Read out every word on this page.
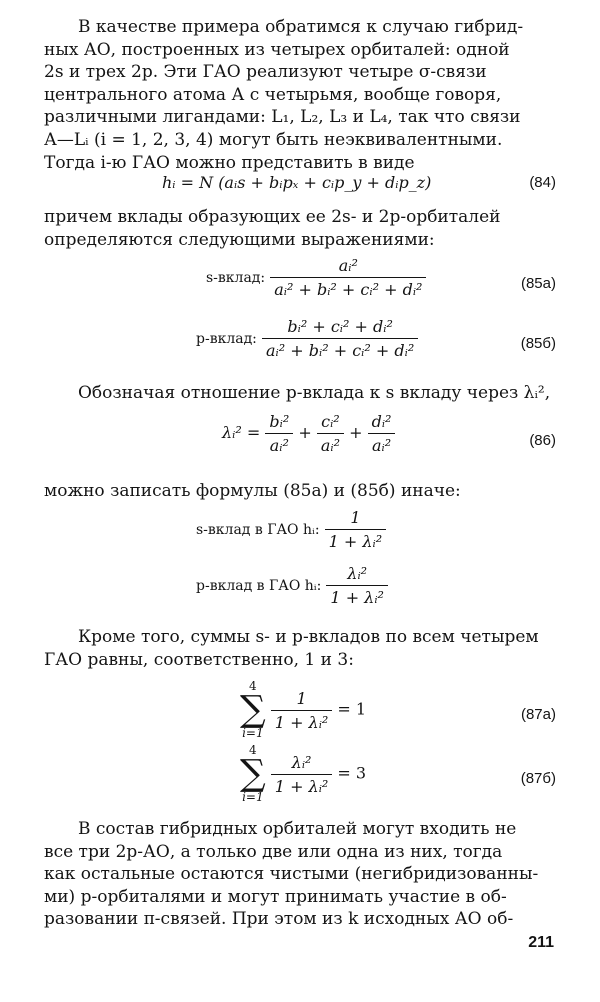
В качестве примера обратимся к случаю гибрид-
ных АО, построенных из четырех орбиталей: одной
2s и трех 2p. Эти ГАО реализуют четыре σ-связи
центрального атома А с четырьмя, вообще говоря,
различными лигандами: L₁, L₂, L₃ и L₄, так что связи
А—Lᵢ (i = 1, 2, 3, 4) могут быть неэквивалентными.
Тогда i-ю ГАО можно представить в виде
hᵢ = N (aᵢs + bᵢpₓ + cᵢp_y + dᵢp_z)	(84)
причем вклады образующих ее 2s- и 2p-орбиталей
определяются следующими выражениями:
s-вклад: $\frac{\text{aᵢ²}}{\text{aᵢ² + bᵢ² + cᵢ² + dᵢ²}}$	(85а)
p-вклад: $\frac{\text{bᵢ² + cᵢ² + dᵢ²}}{\text{aᵢ² + bᵢ² + cᵢ² + dᵢ²}}$	(85б)
Обозначая отношение p-вклада к s вкладу через λᵢ²,
λᵢ² = $\frac{\text{bᵢ²}}{\text{aᵢ²}} + \frac{\text{cᵢ²}}{\text{aᵢ²}} + \frac{\text{dᵢ²}}{\text{aᵢ²}}$	(86)
можно записать формулы (85а) и (85б) иначе:
s-вклад в ГАО hᵢ: $\frac{1}{\text{1 + λᵢ²}}$
p-вклад в ГАО hᵢ: $\frac{\text{λᵢ²}}{\text{1 + λᵢ²}}$
Кроме того, суммы s- и p-вкладов по всем четырем
ГАО равны, соответственно, 1 и 3:
4
∑
i=1
$\frac{1}{\text{1 + λᵢ²}} = 1$	(87а)
4
∑
i=1
$\frac{\text{λᵢ²}}{\text{1 + λᵢ²}} = 3$	(87б)
В состав гибридных орбиталей могут входить не
все три 2p-АО, а только две или одна из них, тогда
как остальные остаются чистыми (негибридизованны-
ми) p-орбиталями и могут принимать участие в об-
разовании π-связей. При этом из k исходных АО об-
211
